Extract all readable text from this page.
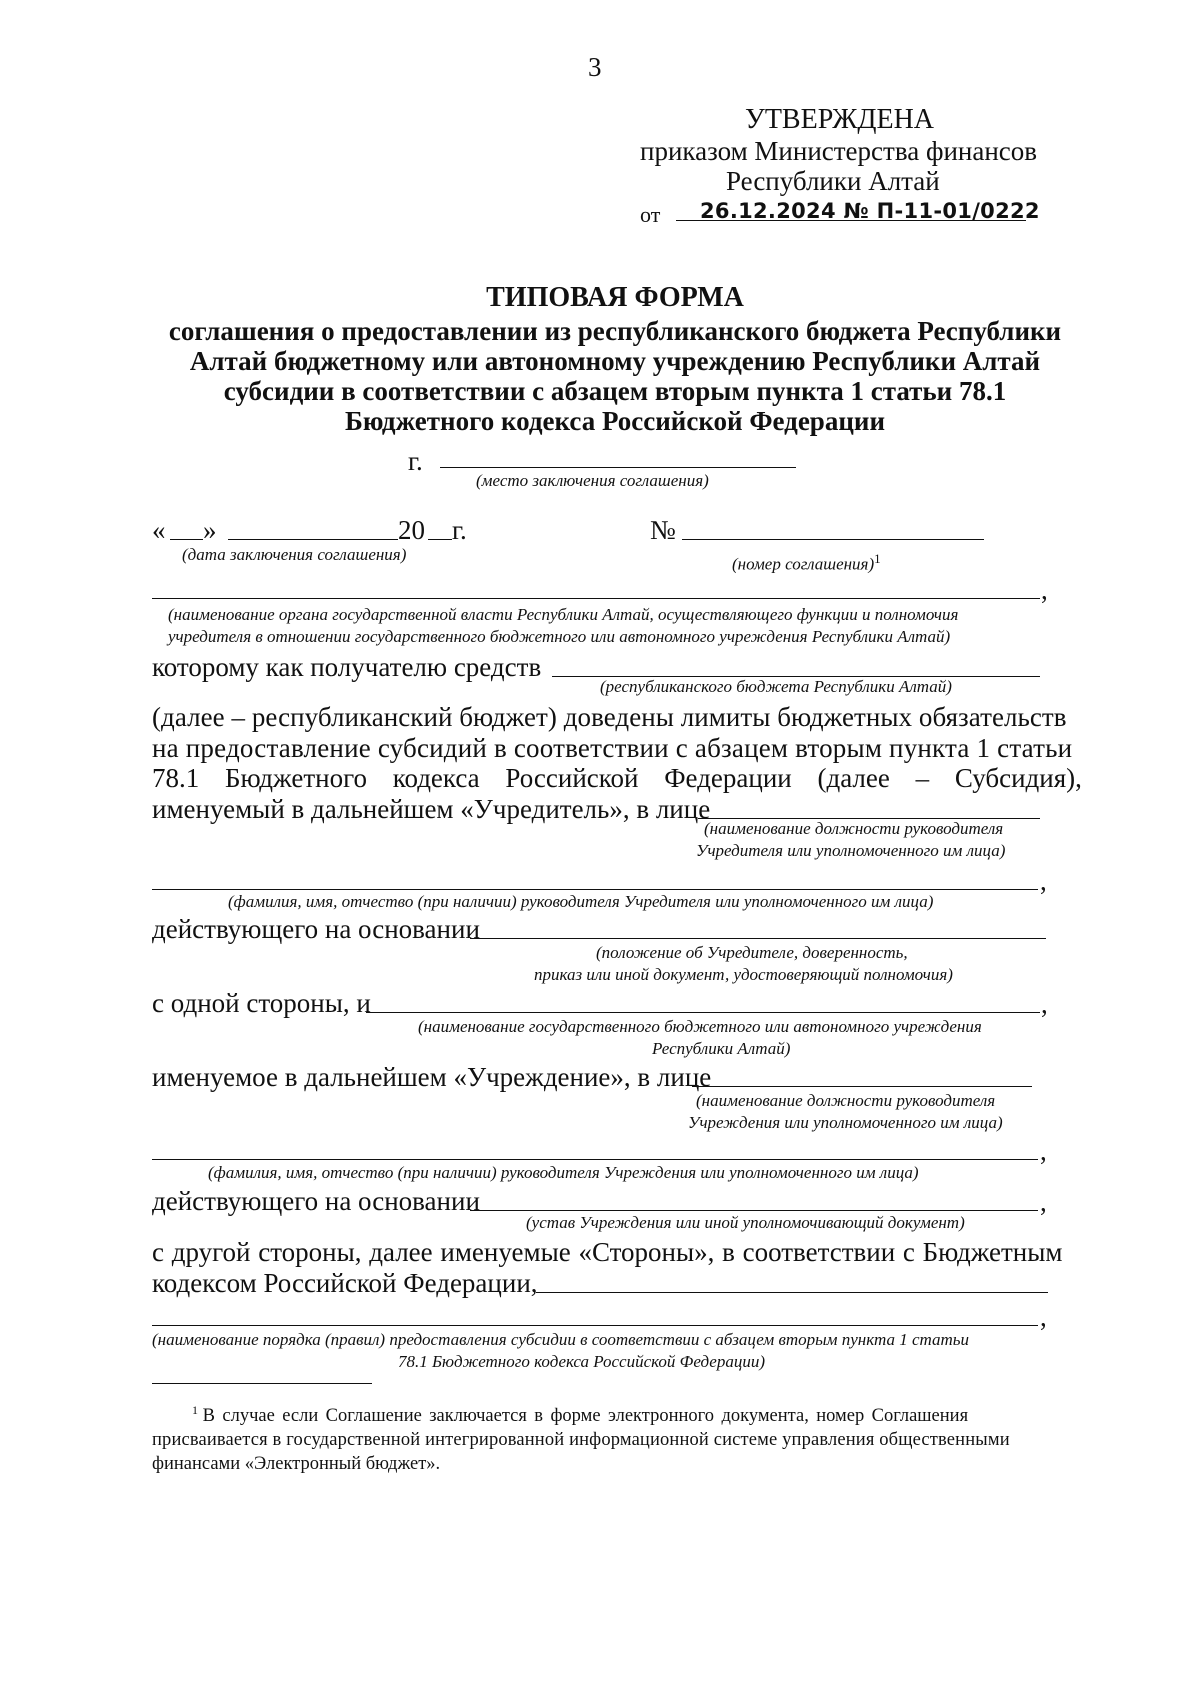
3
УТВЕРЖДЕНА
приказом Министерства финансов
Республики Алтай
от 26.12.2024 № П-11-01/0222
ТИПОВАЯ ФОРМА
соглашения о предоставлении из республиканского бюджета Республики
Алтай бюджетному или автономному учреждению Республики Алтай
субсидии в соответствии с абзацем вторым пункта 1 статьи 78.1
Бюджетного кодекса Российской Федерации
г.
(место заключения соглашения)
« »	20 г.
(дата заключения соглашения)
№
(номер соглашения)$^1$
,
(наименование органа государственной власти Республики Алтай, осуществляющего функции и полномочия
учредителя в отношении государственного бюджетного или автономного учреждения Республики Алтай)
которому как получателю средств
(республиканского бюджета Республики Алтай)
(далее – республиканский бюджет) доведены лимиты бюджетных обязательств
на предоставление субсидий в соответствии с абзацем вторым пункта 1 статьи
78.1 Бюджетного кодекса Российской Федерации (далее – Субсидия),
именуемый в дальнейшем «Учредитель», в лице
(наименование должности руководителя
Учредителя или уполномоченного им лица)
,
(фамилия, имя, отчество (при наличии) руководителя Учредителя или уполномоченного им лица)
действующего на основании
(положение об Учредителе, доверенность,
приказ или иной документ, удостоверяющий полномочия)
с одной стороны, и	,
(наименование государственного бюджетного или автономного учреждения
Республики Алтай)
именуемое в дальнейшем «Учреждение», в лице
(наименование должности руководителя
Учреждения или уполномоченного им лица)
,
(фамилия, имя, отчество (при наличии) руководителя Учреждения или уполномоченного им лица)
действующего на основании	,
(устав Учреждения или иной уполномочивающий документ)
с другой стороны, далее именуемые «Стороны», в соответствии с Бюджетным
кодексом Российской Федерации,
,
(наименование порядка (правил) предоставления субсидии в соответствии с абзацем вторым пункта 1 статьи
78.1 Бюджетного кодекса Российской Федерации)
$^1$ В случае если Соглашение заключается в форме электронного документа, номер Соглашения
присваивается в государственной интегрированной информационной системе управления общественными
финансами «Электронный бюджет».
